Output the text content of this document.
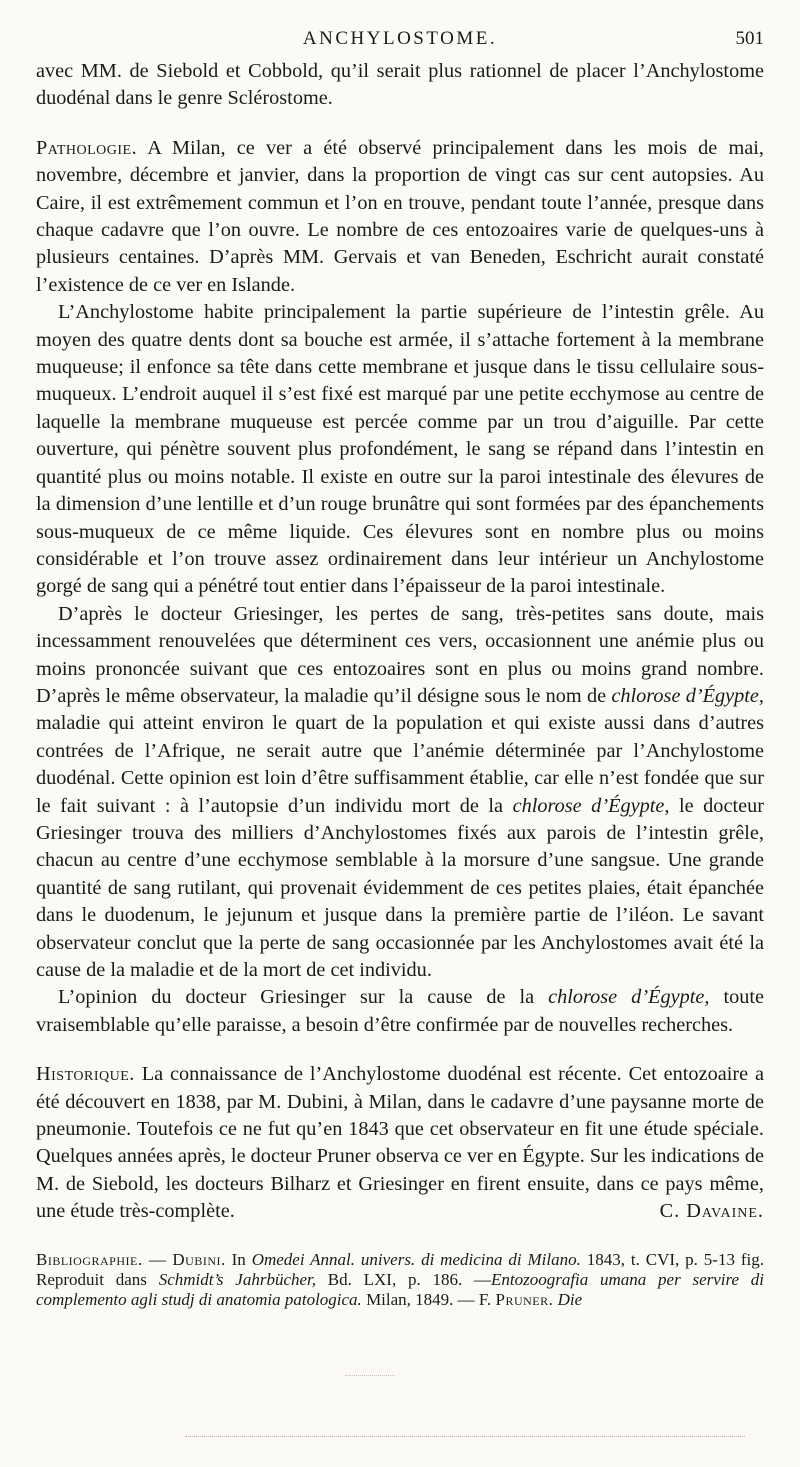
ANCHYLOSTOME.	501

avec MM. de Siebold et Cobbold, qu’il serait plus rationnel de placer l’Anchylostome duodénal dans le genre Sclérostome.

Pathologie. A Milan, ce ver a été observé principalement dans les mois de mai, novembre, décembre et janvier, dans la proportion de vingt cas sur cent autopsies. Au Caire, il est extrêmement commun et l’on en trouve, pendant toute l’année, presque dans chaque cadavre que l’on ouvre. Le nombre de ces entozoaires varie de quelques-uns à plusieurs centaines. D’après MM. Gervais et van Beneden, Eschricht aurait constaté l’existence de ce ver en Islande.

L’Anchylostome habite principalement la partie supérieure de l’intestin grêle. Au moyen des quatre dents dont sa bouche est armée, il s’attache fortement à la membrane muqueuse; il enfonce sa tête dans cette membrane et jusque dans le tissu cellulaire sous-muqueux. L’endroit auquel il s’est fixé est marqué par une petite ecchymose au centre de laquelle la membrane muqueuse est percée comme par un trou d’aiguille. Par cette ouverture, qui pénètre souvent plus profondément, le sang se répand dans l’intestin en quantité plus ou moins notable. Il existe en outre sur la paroi intestinale des élevures de la dimension d’une lentille et d’un rouge brunâtre qui sont formées par des épanchements sous-muqueux de ce même liquide. Ces élevures sont en nombre plus ou moins considérable et l’on trouve assez ordinairement dans leur intérieur un Anchylostome gorgé de sang qui a pénétré tout entier dans l’épaisseur de la paroi intestinale.

D’après le docteur Griesinger, les pertes de sang, très-petites sans doute, mais incessamment renouvelées que déterminent ces vers, occasionnent une anémie plus ou moins prononcée suivant que ces entozoaires sont en plus ou moins grand nombre. D’après le même observateur, la maladie qu’il désigne sous le nom de chlorose d’Égypte, maladie qui atteint environ le quart de la population et qui existe aussi dans d’autres contrées de l’Afrique, ne serait autre que l’anémie déterminée par l’Anchylostome duodénal. Cette opinion est loin d’être suffisamment établie, car elle n’est fondée que sur le fait suivant : à l’autopsie d’un individu mort de la chlorose d’Égypte, le docteur Griesinger trouva des milliers d’Anchylostomes fixés aux parois de l’intestin grêle, chacun au centre d’une ecchymose semblable à la morsure d’une sangsue. Une grande quantité de sang rutilant, qui provenait évidemment de ces petites plaies, était épanchée dans le duodenum, le jejunum et jusque dans la première partie de l’iléon. Le savant observateur conclut que la perte de sang occasionnée par les Anchylostomes avait été la cause de la maladie et de la mort de cet individu.

L’opinion du docteur Griesinger sur la cause de la chlorose d’Égypte, toute vraisemblable qu’elle paraisse, a besoin d’être confirmée par de nouvelles recherches.

Historique. La connaissance de l’Anchylostome duodénal est récente. Cet entozoaire a été découvert en 1838, par M. Dubini, à Milan, dans le cadavre d’une paysanne morte de pneumonie. Toutefois ce ne fut qu’en 1843 que cet observateur en fit une étude spéciale. Quelques années après, le docteur Pruner observa ce ver en Égypte. Sur les indications de M. de Siebold, les docteurs Bilharz et Griesinger en firent ensuite, dans ce pays même, une étude très-complète.	C. Davaine.

Bibliographie. — Dubini. In Omedei Annal. univers. di medicina di Milano. 1843, t. CVI, p. 5-13 fig. Reproduit dans Schmidt’s Jahrbücher, Bd. LXI, p. 186. —Entozoografia umana per servire di complemento agli studj di anatomia patologica. Milan, 1849. — F. Pruner. Die
